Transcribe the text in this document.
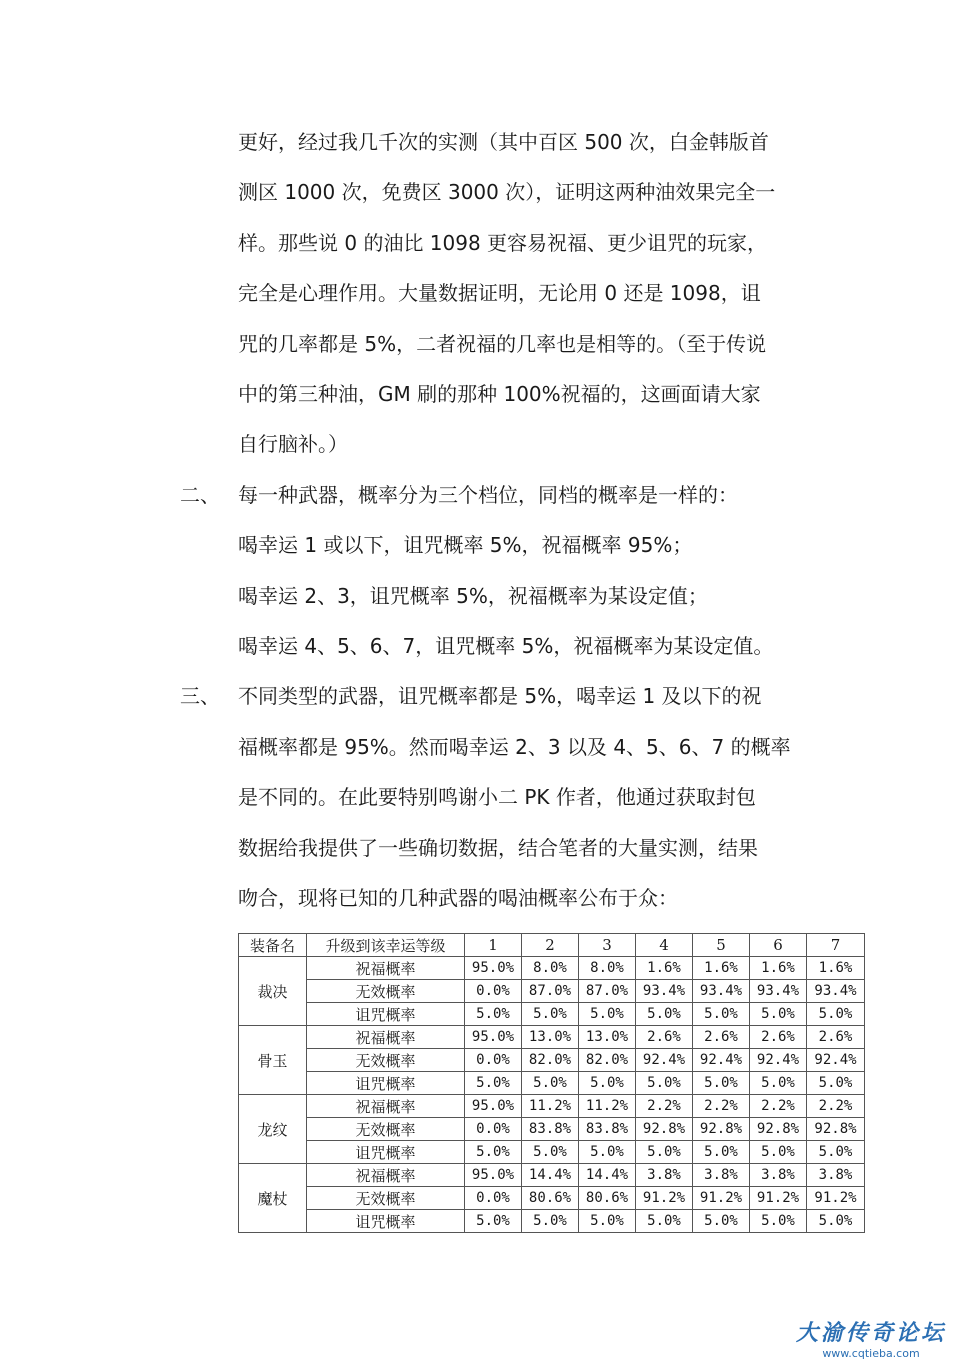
更好，经过我几千次的实测（其中百区 500 次，白金韩版首
测区 1000 次，免费区 3000 次），证明这两种油效果完全一
样。那些说 0 的油比 1098 更容易祝福、更少诅咒的玩家，
完全是心理作用。大量数据证明，无论用 0 还是 1098，诅
咒的几率都是 5%，二者祝福的几率也是相等的。（至于传说
中的第三种油，GM 刷的那种 100%祝福的，这画面请大家
自行脑补。）
二、 每一种武器，概率分为三个档位，同档的概率是一样的：
喝幸运 1 或以下，诅咒概率 5%，祝福概率 95%；
喝幸运 2、3，诅咒概率 5%，祝福概率为某设定值；
喝幸运 4、5、6、7，诅咒概率 5%，祝福概率为某设定值。
三、 不同类型的武器，诅咒概率都是 5%，喝幸运 1 及以下的祝
福概率都是 95%。然而喝幸运 2、3 以及 4、5、6、7 的概率
是不同的。在此要特别鸣谢小二 PK 作者，他通过获取封包
数据给我提供了一些确切数据，结合笔者的大量实测，结果
吻合，现将已知的几种武器的喝油概率公布于众：
装备名	升级到该幸运等级	1	2	3	4	5	6	7
裁决	祝福概率	95.0%	8.0%	8.0%	1.6%	1.6%	1.6%	1.6%
	无效概率	0.0%	87.0%	87.0%	93.4%	93.4%	93.4%	93.4%
	诅咒概率	5.0%	5.0%	5.0%	5.0%	5.0%	5.0%	5.0%
骨玉	祝福概率	95.0%	13.0%	13.0%	2.6%	2.6%	2.6%	2.6%
	无效概率	0.0%	82.0%	82.0%	92.4%	92.4%	92.4%	92.4%
	诅咒概率	5.0%	5.0%	5.0%	5.0%	5.0%	5.0%	5.0%
龙纹	祝福概率	95.0%	11.2%	11.2%	2.2%	2.2%	2.2%	2.2%
	无效概率	0.0%	83.8%	83.8%	92.8%	92.8%	92.8%	92.8%
	诅咒概率	5.0%	5.0%	5.0%	5.0%	5.0%	5.0%	5.0%
魔杖	祝福概率	95.0%	14.4%	14.4%	3.8%	3.8%	3.8%	3.8%
	无效概率	0.0%	80.6%	80.6%	91.2%	91.2%	91.2%	91.2%
	诅咒概率	5.0%	5.0%	5.0%	5.0%	5.0%	5.0%	5.0%
大渝传奇论坛
www.cqtieba.com
